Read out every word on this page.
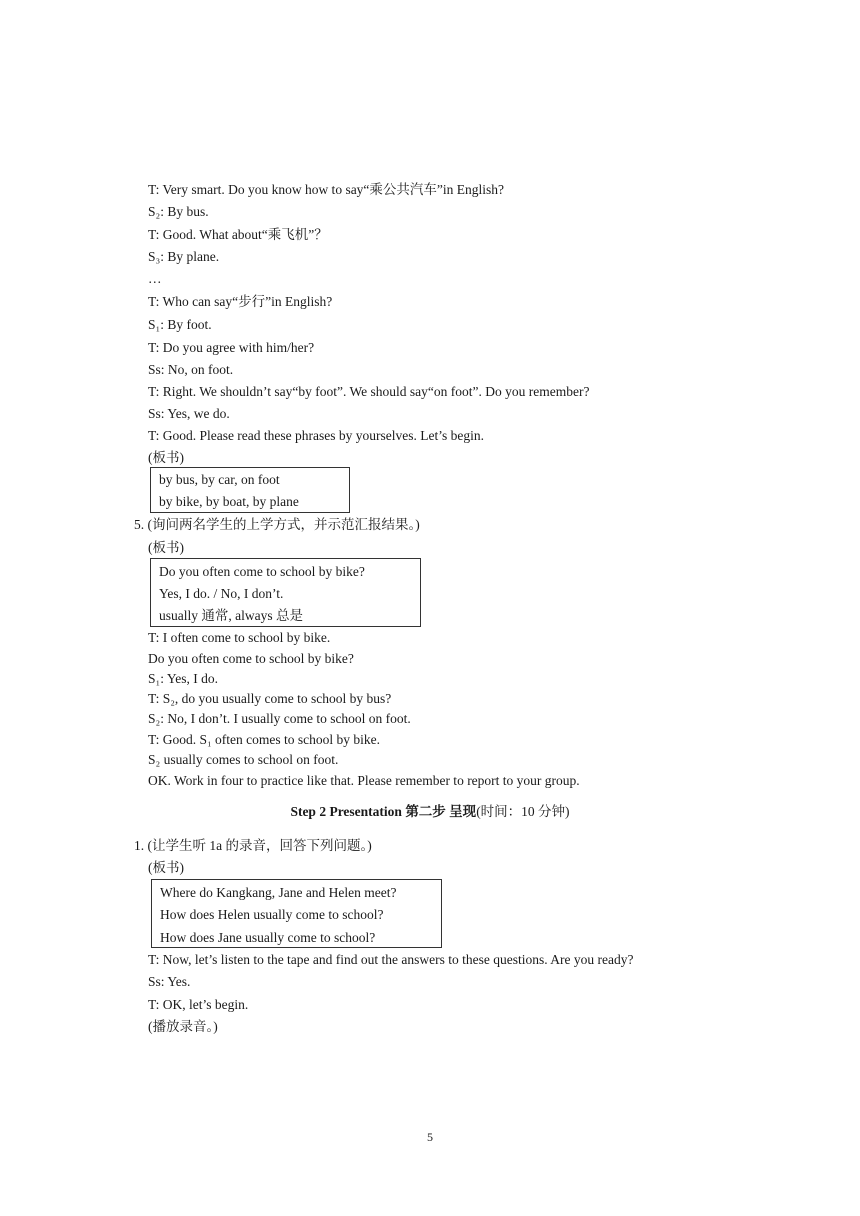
T: Very smart. Do you know how to say“乘公共汽车”in English?
S₂: By bus.
T: Good. What about“乘飞机”？
S₃: By plane.
…
T: Who can say“步行”in English?
S₁: By foot.
T: Do you agree with him/her?
Ss: No, on foot.
T: Right. We shouldn’t say“by foot”. We should say“on foot”. Do you remember?
Ss: Yes, we do.
T: Good. Please read these phrases by yourselves. Let’s begin.
(板书)
by bus, by car, on foot
by bike, by boat, by plane
5. (询问两名学生的上学方式，并示范汇报结果。)
(板书)
Do you often come to school by bike?
Yes, I do. / No, I don’t.
usually 通常, always 总是
T: I often come to school by bike.
Do you often come to school by bike?
S₁: Yes, I do.
T: S₂, do you usually come to school by bus?
S₂: No, I don’t. I usually come to school on foot.
T: Good. S₁ often comes to school by bike.
S₂ usually comes to school on foot.
OK. Work in four to practice like that. Please remember to report to your group.
Step 2 Presentation 第二步 呈现(时间：10 分钟)
1. (让学生听 1a 的录音，回答下列问题。)
(板书)
Where do Kangkang, Jane and Helen meet?
How does Helen usually come to school?
How does Jane usually come to school?
T: Now, let’s listen to the tape and find out the answers to these questions. Are you ready?
Ss: Yes.
T: OK, let’s begin.
(播放录音。)
5
